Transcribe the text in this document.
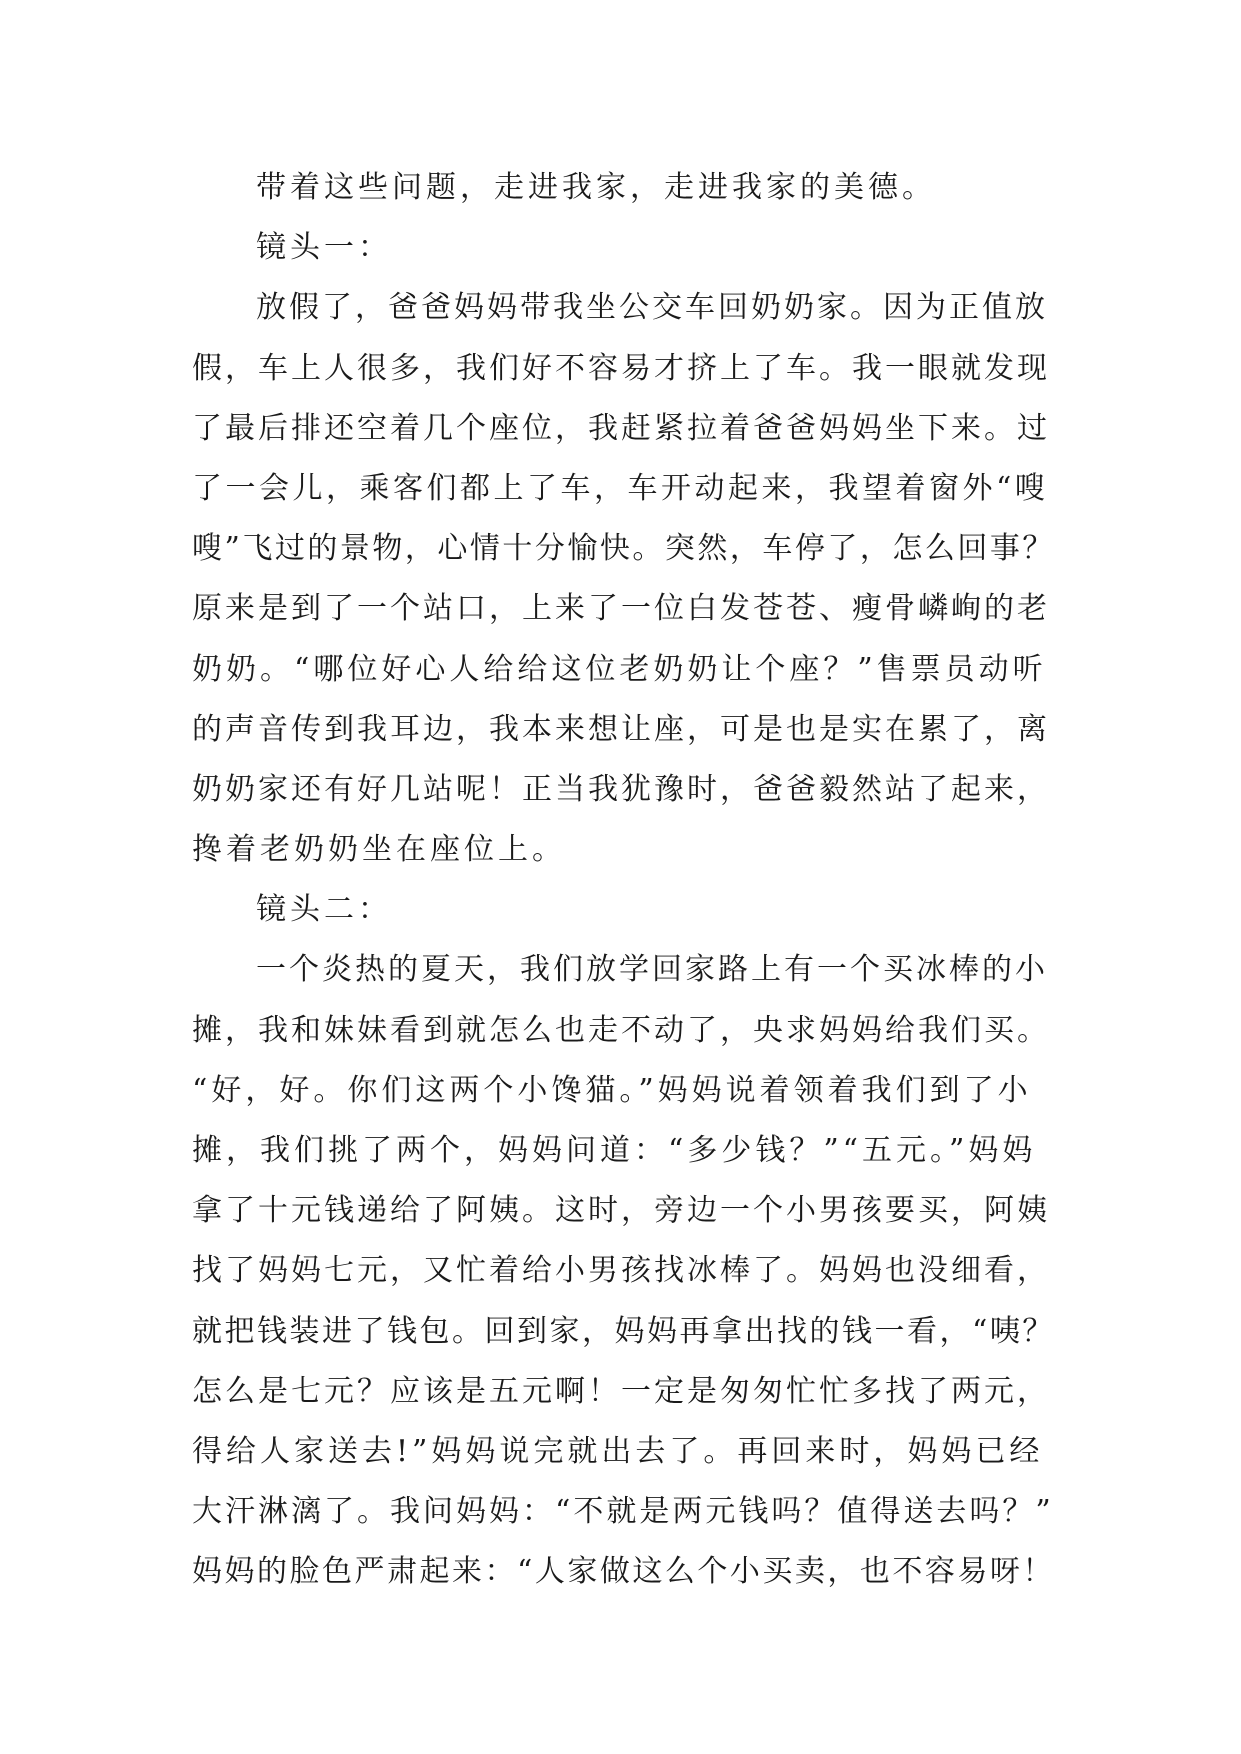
带着这些问题，走进我家，走进我家的美德。
镜头一：
放假了，爸爸妈妈带我坐公交车回奶奶家。因为正值放
假，车上人很多，我们好不容易才挤上了车。我一眼就发现
了最后排还空着几个座位，我赶紧拉着爸爸妈妈坐下来。过
了一会儿，乘客们都上了车，车开动起来，我望着窗外“嗖
嗖”飞过的景物，心情十分愉快。突然，车停了，怎么回事？
原来是到了一个站口，上来了一位白发苍苍、瘦骨嶙峋的老
奶奶。“哪位好心人给给这位老奶奶让个座？”售票员动听
的声音传到我耳边，我本来想让座，可是也是实在累了，离
奶奶家还有好几站呢！正当我犹豫时，爸爸毅然站了起来，
搀着老奶奶坐在座位上。
镜头二：
一个炎热的夏天，我们放学回家路上有一个买冰棒的小
摊，我和妹妹看到就怎么也走不动了，央求妈妈给我们买。
“好，好。你们这两个小馋猫。”妈妈说着领着我们到了小
摊，我们挑了两个，妈妈问道：“多少钱？”“五元。”妈妈
拿了十元钱递给了阿姨。这时，旁边一个小男孩要买，阿姨
找了妈妈七元，又忙着给小男孩找冰棒了。妈妈也没细看，
就把钱装进了钱包。回到家，妈妈再拿出找的钱一看，“咦？
怎么是七元？应该是五元啊！一定是匆匆忙忙多找了两元，
得给人家送去!”妈妈说完就出去了。再回来时，妈妈已经
大汗淋漓了。我问妈妈：“不就是两元钱吗？值得送去吗？”
妈妈的脸色严肃起来：“人家做这么个小买卖，也不容易呀！
